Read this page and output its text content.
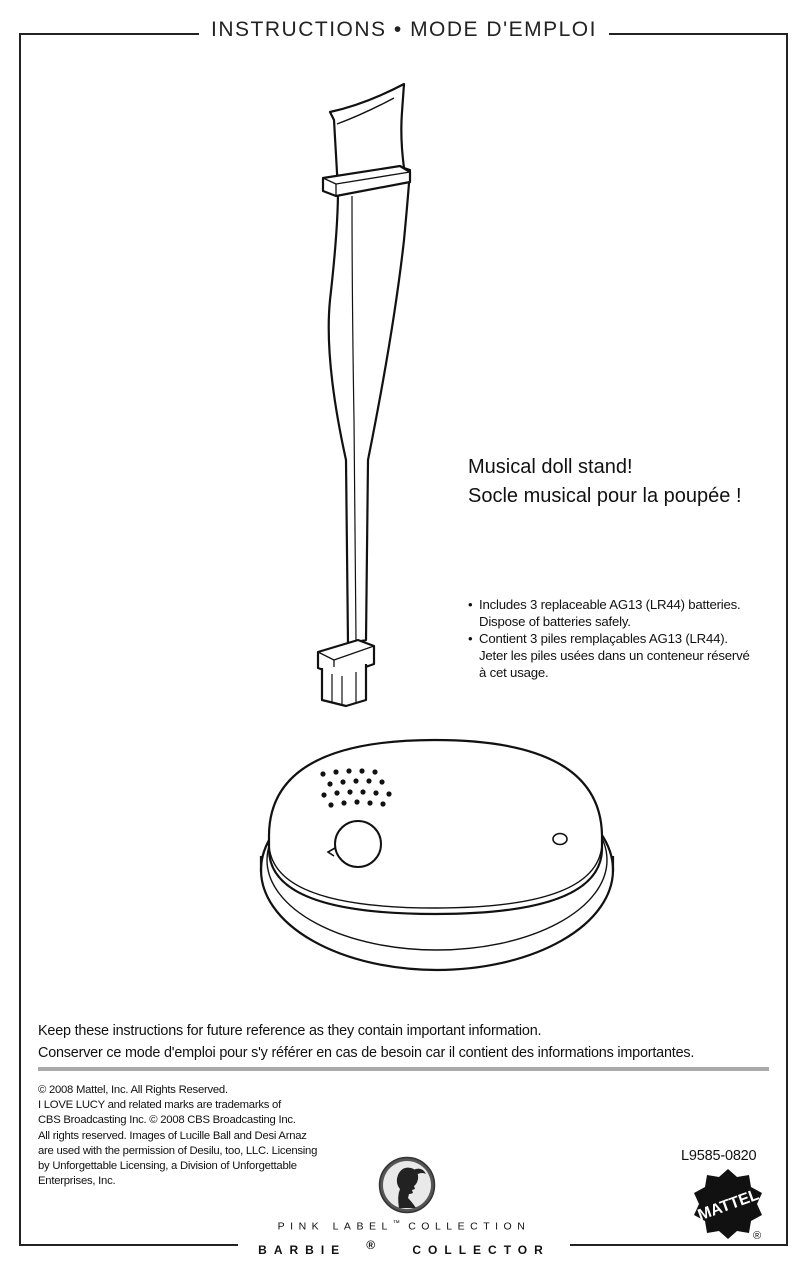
INSTRUCTIONS • MODE D'EMPLOI
Musical doll stand!
Socle musical pour la poupée !
• Includes 3 replaceable AG13 (LR44) batteries.
Dispose of batteries safely.
• Contient 3 piles remplaçables AG13 (LR44).
Jeter les piles usées dans un conteneur réservé
à cet usage.
Keep these instructions for future reference as they contain important information.
Conserver ce mode d'emploi pour s'y référer en cas de besoin car il contient des informations importantes.
© 2008 Mattel, Inc. All Rights Reserved.
I LOVE LUCY and related marks are trademarks of
CBS Broadcasting Inc. © 2008 CBS Broadcasting Inc.
All rights reserved. Images of Lucille Ball and Desi Arnaz
are used with the permission of Desilu, too, LLC. Licensing
by Unforgettable Licensing, a Division of Unforgettable
Enterprises, Inc.
L9585-0820
MATTEL
®
PINK LABEL™ COLLECTION
BARBIE ® COLLECTOR
